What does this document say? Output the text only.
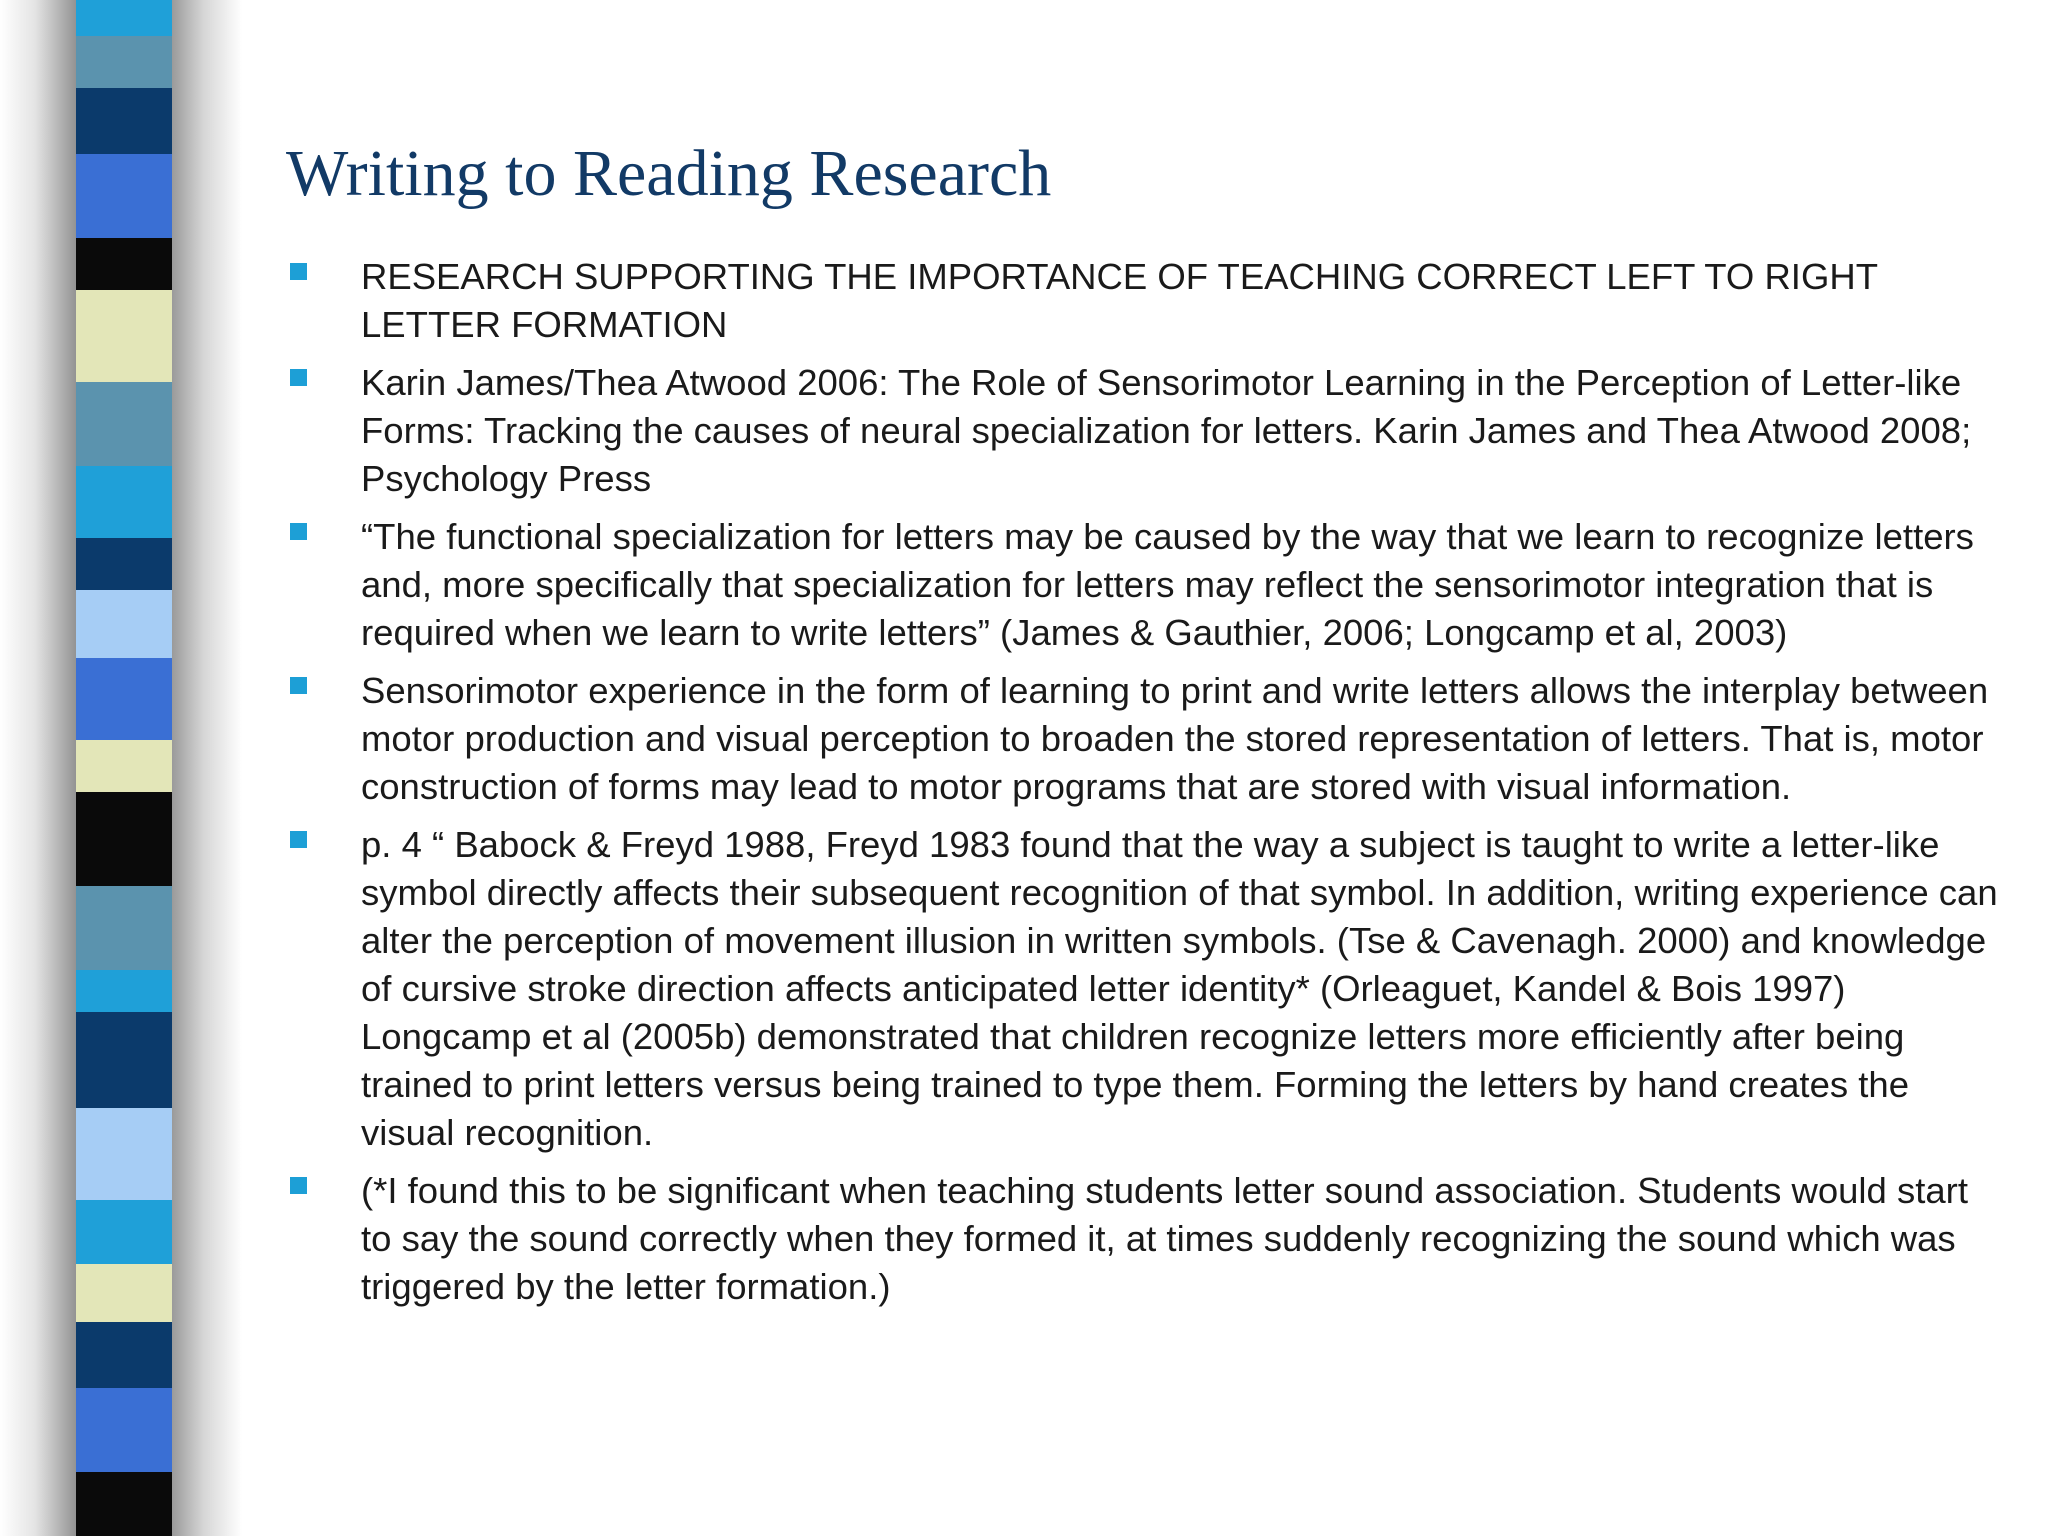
Writing to Reading Research
RESEARCH SUPPORTING THE IMPORTANCE OF TEACHING CORRECT LEFT TO RIGHT LETTER FORMATION
Karin James/Thea Atwood 2006: The Role of Sensorimotor Learning in the Perception of Letter-like Forms: Tracking the causes of neural specialization for letters. Karin James and Thea Atwood 2008; Psychology Press
“The functional specialization for letters may be caused by the way that we learn to recognize letters and, more specifically that specialization for letters may reflect the sensorimotor integration that is required when we learn to write letters” (James & Gauthier, 2006; Longcamp et al, 2003)
Sensorimotor experience in the form of learning to print and write letters allows the interplay between motor production and visual perception to broaden the stored representation of letters. That is, motor construction of forms may lead to motor programs that are stored with visual information.
p. 4 “ Babock & Freyd 1988, Freyd 1983 found that the way a subject is taught to write a letter-like symbol directly affects their subsequent recognition of that symbol. In addition, writing experience can alter the perception of movement illusion in written symbols. (Tse & Cavenagh. 2000) and knowledge of cursive stroke direction affects anticipated letter identity* (Orleaguet, Kandel & Bois 1997) Longcamp et al (2005b) demonstrated that children recognize letters more efficiently after being trained to print letters versus being trained to type them. Forming the letters by hand creates the visual recognition.
(*I found this to be significant when teaching students letter sound association. Students would start to say the sound correctly when they formed it, at times suddenly recognizing the sound which was triggered by the letter formation.)
